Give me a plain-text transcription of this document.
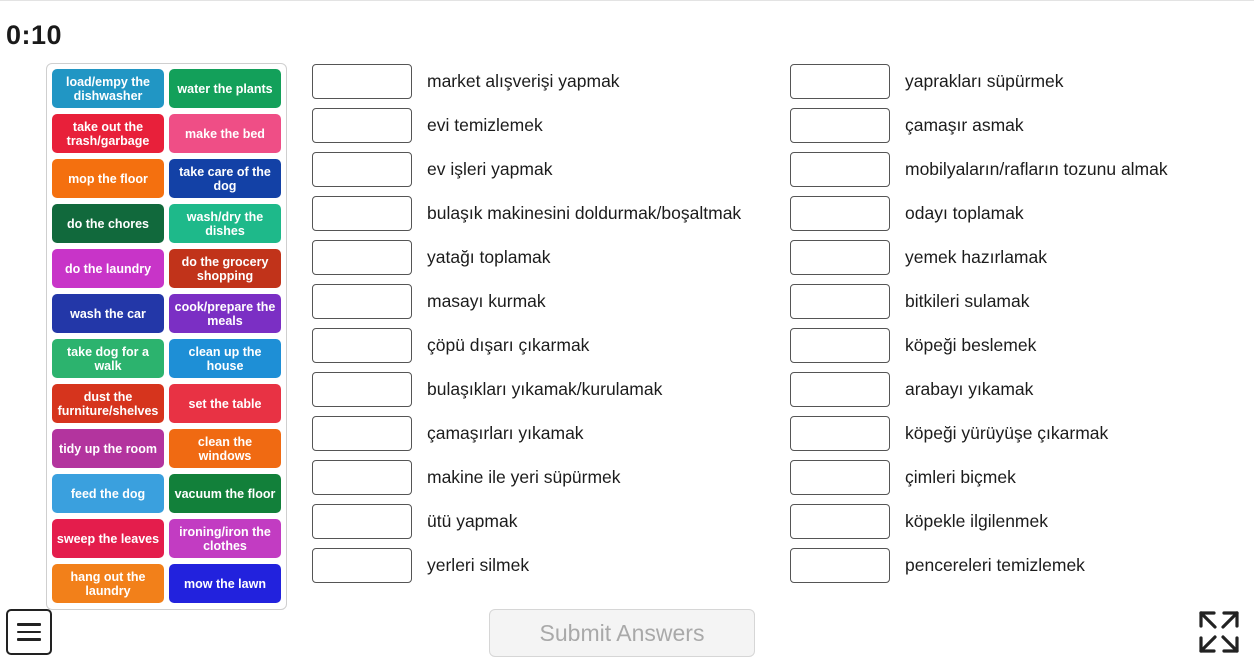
0:10
load/empy the dishwasher	water the plants
take out the trash/garbage	make the bed
mop the floor	take care of the dog
do the chores	wash/dry the dishes
do the laundry	do the grocery shopping
wash the car	cook/prepare the meals
take dog for a walk
clean up the house
dust the furniture/shelves	set the table
tidy up the room	clean the windows
feed the dog	vacuum the floor
sweep the leaves	ironing/iron the clothes
hang out the laundry	mow the lawn
market alışverişi yapmak
evi temizlemek
ev işleri yapmak
bulaşık makinesini doldurmak/boşaltmak
yatağı toplamak
masayı kurmak
çöpü dışarı çıkarmak
bulaşıkları yıkamak/kurulamak
çamaşırları yıkamak
makine ile yeri süpürmek
ütü yapmak
yerleri silmek
yaprakları süpürmek
çamaşır asmak
mobilyaların/rafların tozunu almak
odayı toplamak
yemek hazırlamak
bitkileri sulamak
köpeği beslemek
arabayı yıkamak
köpeği yürüyüşe çıkarmak
çimleri biçmek
köpekle ilgilenmek
pencereleri temizlemek
Submit Answers
